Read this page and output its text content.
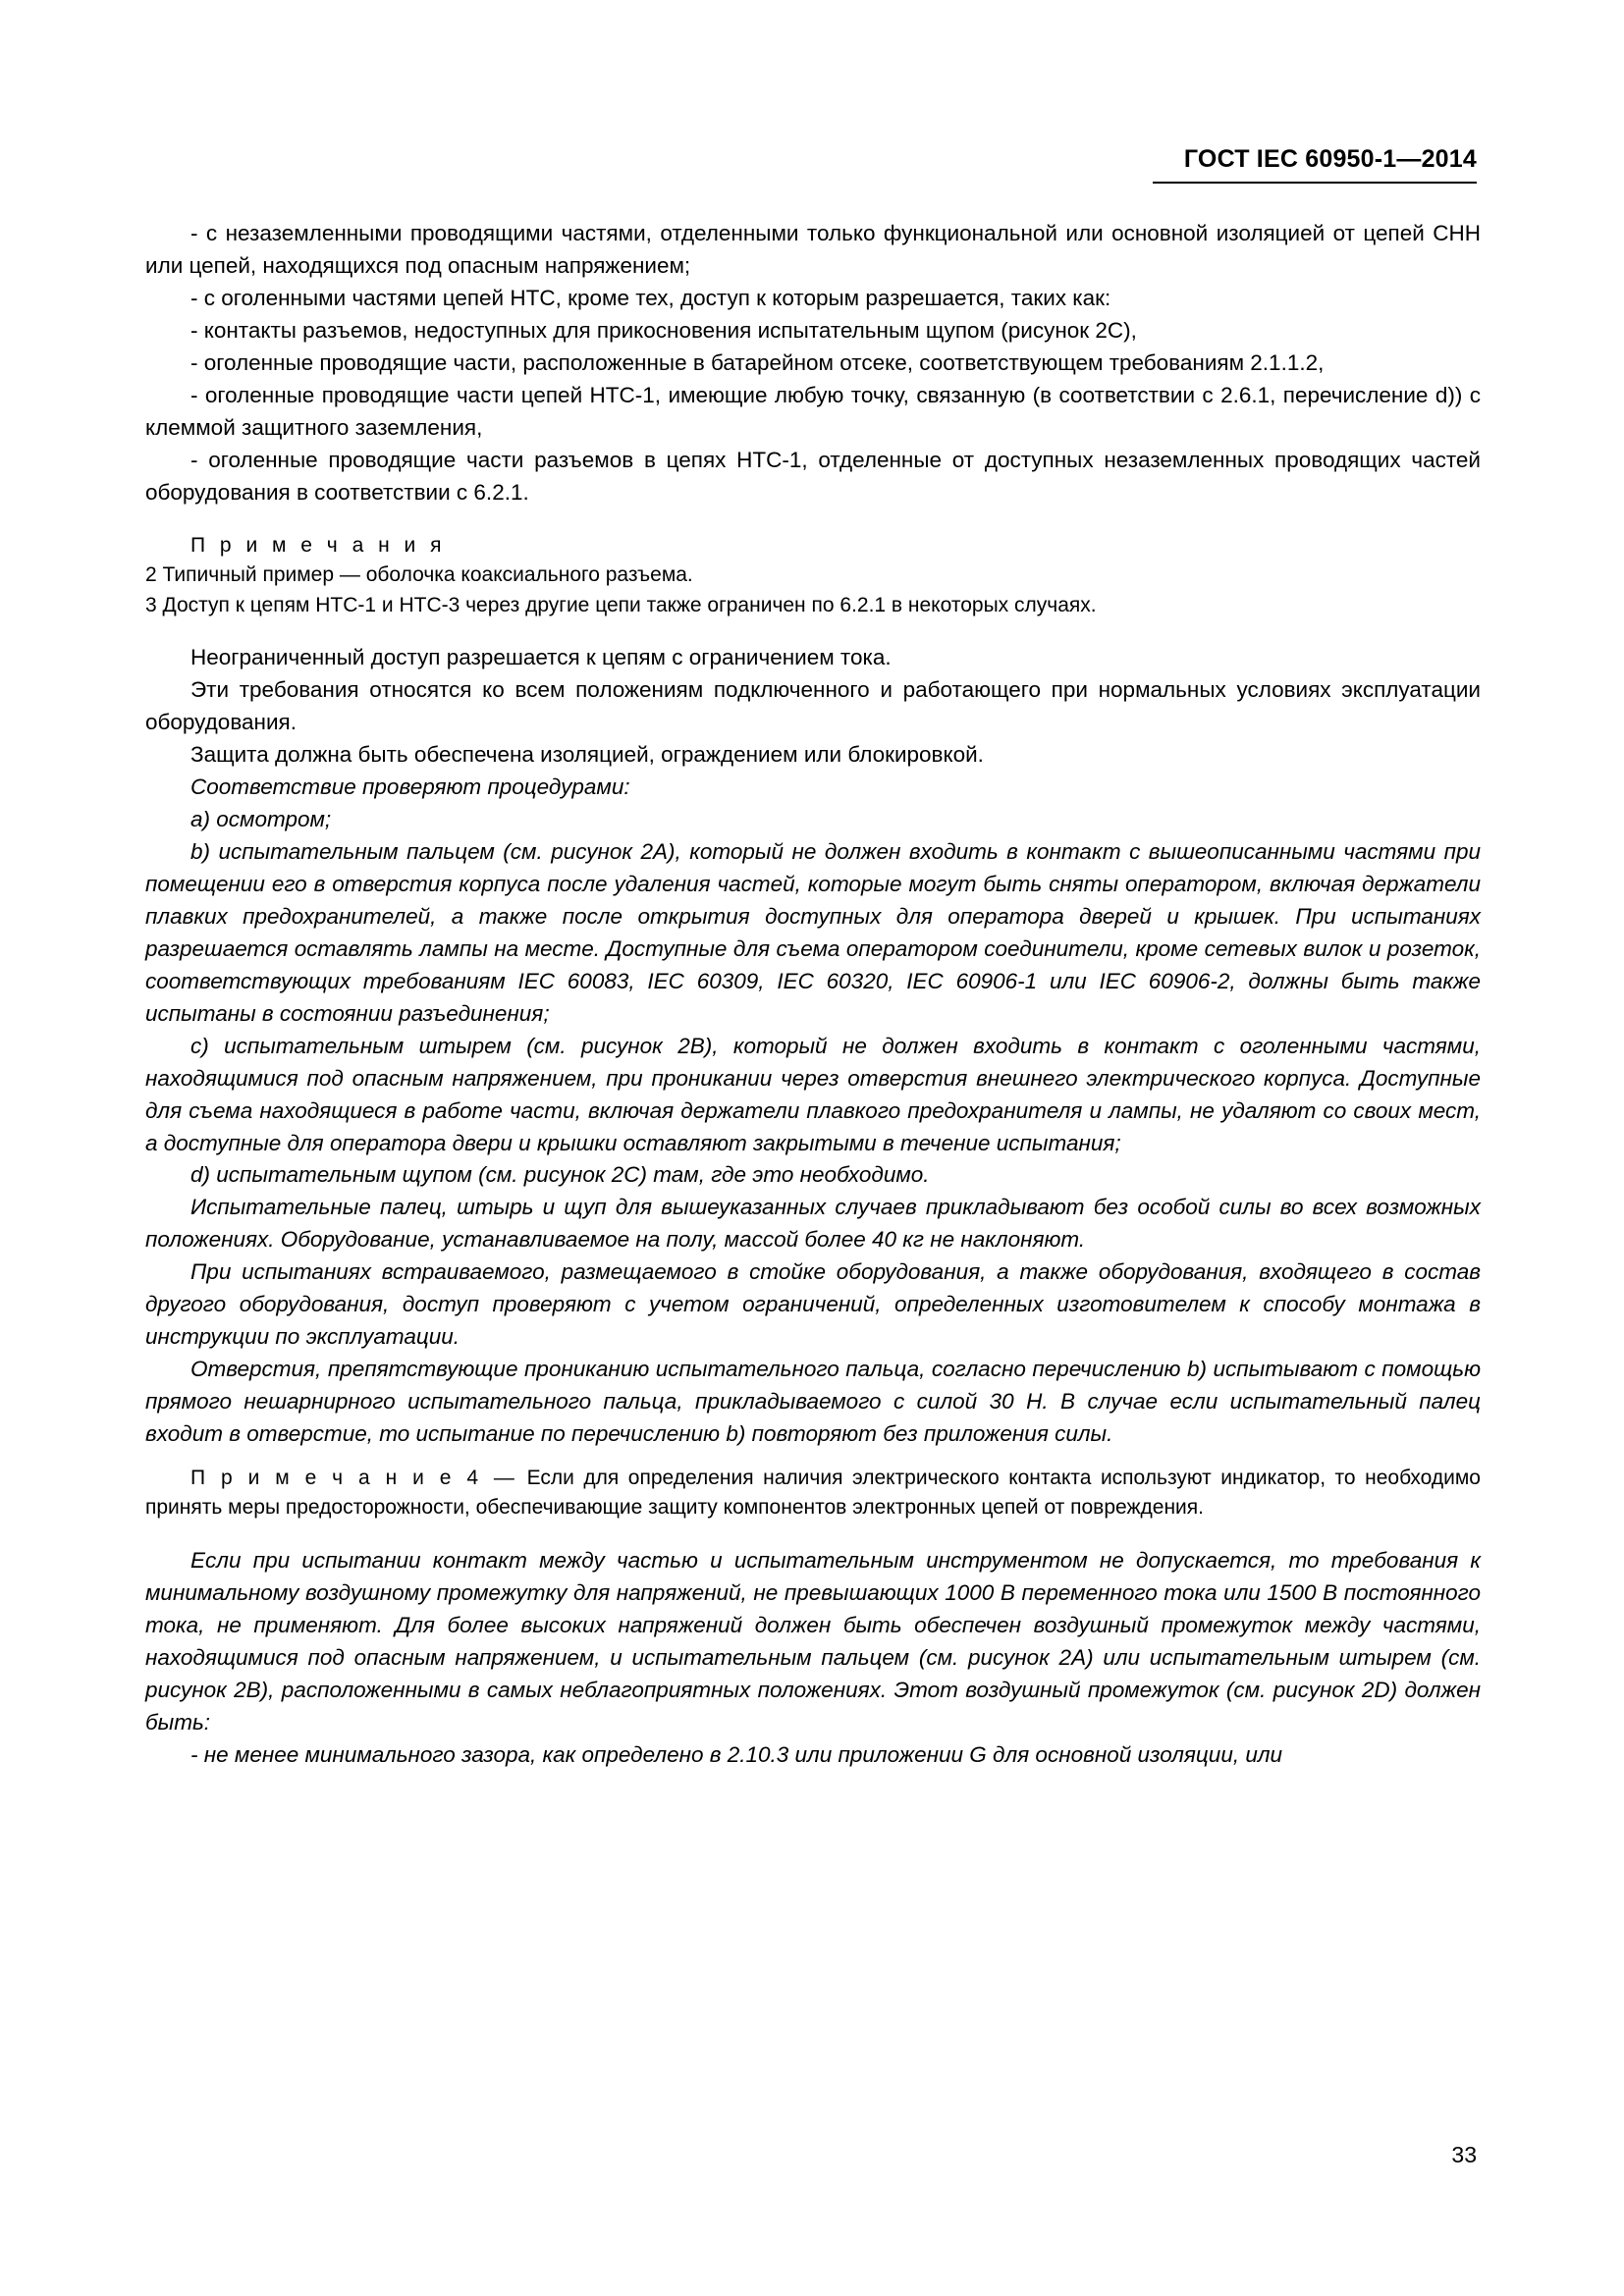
ГОСТ IEC 60950-1—2014

- с незаземленными проводящими частями, отделенными только функциональной или основной изоляцией от цепей СНН или цепей, находящихся под опасным напряжением;

- с оголенными частями цепей НТС, кроме тех, доступ к которым разрешается, таких как:

- контакты разъемов, недоступных для прикосновения испытательным щупом (рисунок 2С),

- оголенные проводящие части, расположенные в батарейном отсеке, соответствующем требованиям 2.1.1.2,

- оголенные проводящие части цепей НТС-1, имеющие любую точку, связанную (в соответствии с 2.6.1, перечисление d)) с клеммой защитного заземления,

- оголенные проводящие части разъемов в цепях НТС-1, отделенные от доступных незаземленных проводящих частей оборудования в соответствии с 6.2.1.

П р и м е ч а н и я

2 Типичный пример — оболочка коаксиального разъема.

3 Доступ к цепям НТС-1 и НТС-3 через другие цепи также ограничен по 6.2.1 в некоторых случаях.

Неограниченный доступ разрешается к цепям с ограничением тока.

Эти требования относятся ко всем положениям подключенного и работающего при нормальных условиях эксплуатации оборудования.

Защита должна быть обеспечена изоляцией, ограждением или блокировкой.

Соответствие проверяют процедурами:

a) осмотром;

b) испытательным пальцем (см. рисунок 2А), который не должен входить в контакт с вышеописанными частями при помещении его в отверстия корпуса после удаления частей, которые могут быть сняты оператором, включая держатели плавких предохранителей, а также после открытия доступных для оператора дверей и крышек. При испытаниях разрешается оставлять лампы на месте. Доступные для съема оператором соединители, кроме сетевых вилок и розеток, соответствующих требованиям IEC 60083, IEC 60309, IEC 60320, IEC 60906-1 или IEC 60906-2, должны быть также испытаны в состоянии разъединения;

c) испытательным штырем (см. рисунок 2В), который не должен входить в контакт с оголенными частями, находящимися под опасным напряжением, при проникании через отверстия внешнего электрического корпуса. Доступные для съема находящиеся в работе части, включая держатели плавкого предохранителя и лампы, не удаляют со своих мест, а доступные для оператора двери и крышки оставляют закрытыми в течение испытания;

d) испытательным щупом (см. рисунок 2С) там, где это необходимо.

Испытательные палец, штырь и щуп для вышеуказанных случаев прикладывают без особой силы во всех возможных положениях. Оборудование, устанавливаемое на полу, массой более 40 кг не наклоняют.

При испытаниях встраиваемого, размещаемого в стойке оборудования, а также оборудования, входящего в состав другого оборудования, доступ проверяют с учетом ограничений, определенных изготовителем к способу монтажа в инструкции по эксплуатации.

Отверстия, препятствующие прониканию испытательного пальца, согласно перечислению b) испытывают с помощью прямого нешарнирного испытательного пальца, прикладываемого с силой 30 Н. В случае если испытательный палец входит в отверстие, то испытание по перечислению b) повторяют без приложения силы.

П р и м е ч а н и е 4 — Если для определения наличия электрического контакта используют индикатор, то необходимо принять меры предосторожности, обеспечивающие защиту компонентов электронных цепей от повреждения.

Если при испытании контакт между частью и испытательным инструментом не допускается, то требования к минимальному воздушному промежутку для напряжений, не превышающих 1000 В переменного тока или 1500 В постоянного тока, не применяют. Для более высоких напряжений должен быть обеспечен воздушный промежуток между частями, находящимися под опасным напряжением, и испытательным пальцем (см. рисунок 2А) или испытательным штырем (см. рисунок 2В), расположенными в самых неблагоприятных положениях. Этот воздушный промежуток (см. рисунок 2D) должен быть:

- не менее минимального зазора, как определено в 2.10.3 или приложении G для основной изоляции, или

33
